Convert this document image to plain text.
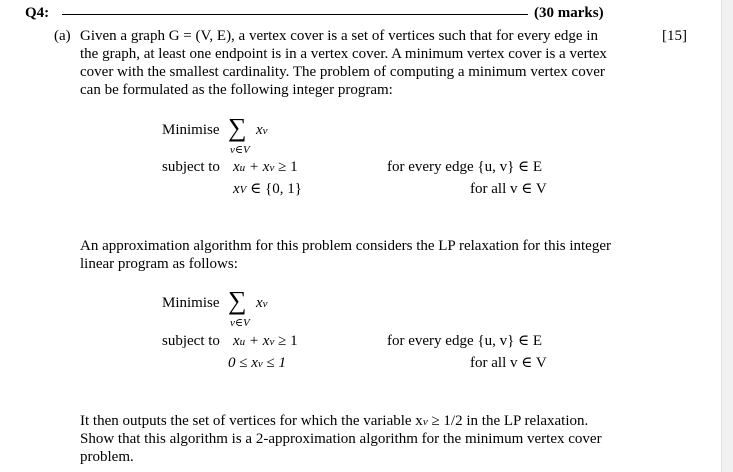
Q4:	(30 marks)
(a)	[15]
Given a graph G = (V, E), a vertex cover is a set of vertices such that for every edge in
the graph, at least one endpoint is in a vertex cover. A minimum vertex cover is a vertex
cover with the smallest cardinality. The problem of computing a minimum vertex cover
can be formulated as the following integer program:
Minimise ∑ xv
v∈V
subject to xu + xv ≥ 1	for every edge {u, v} ∈ E
xV ∈ {0, 1}	for all v ∈ V
An approximation algorithm for this problem considers the LP relaxation for this integer
linear program as follows:
Minimise ∑ xv
v∈V
subject to xu + xv ≥ 1	for every edge {u, v} ∈ E
0 ≤ xv ≤ 1	for all v ∈ V
It then outputs the set of vertices for which the variable xv ≥ 1/2 in the LP relaxation.
Show that this algorithm is a 2-approximation algorithm for the minimum vertex cover
problem.
